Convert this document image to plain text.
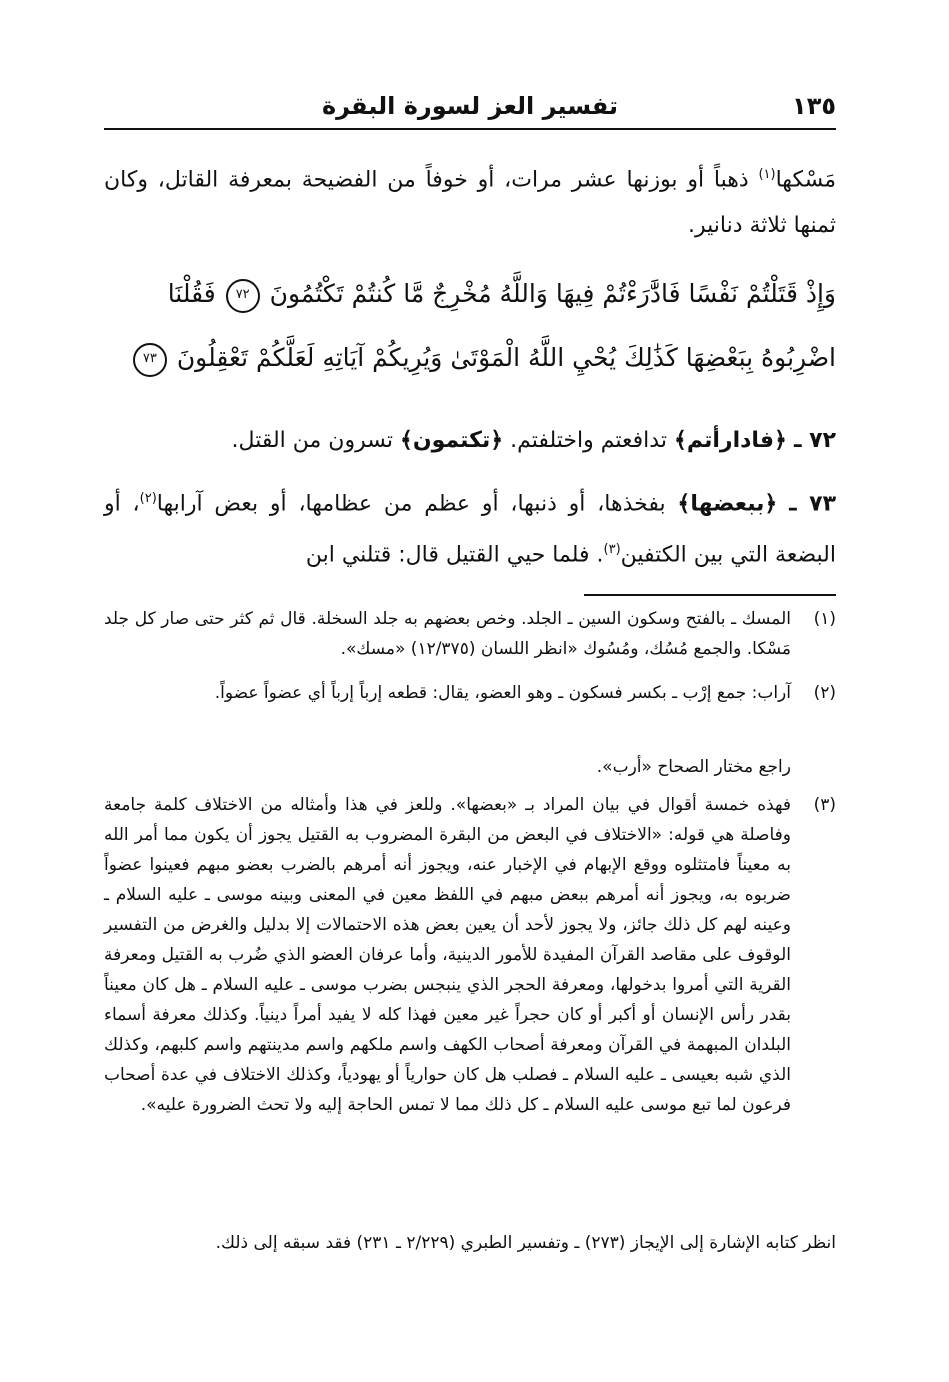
١٣٥
تفسير العز لسورة البقرة
مَسْكها$^{(١)}$ ذهباً أو بوزنها عشر مرات، أو خوفاً من الفضيحة بمعرفة القاتل، وكان ثمنها ثلاثة دنانير.
وَإِذْ قَتَلْتُمْ نَفْسًا فَادَّٰرَءْتُمْ فِيهَا وَاللَّهُ مُخْرِجٌ مَّا كُنتُمْ تَكْتُمُونَ ٧٢ فَقُلْنَا اضْرِبُوهُ بِبَعْضِهَا كَذَٰلِكَ يُحْيِ اللَّهُ الْمَوْتَىٰ وَيُرِيكُمْ آيَاتِهِ لَعَلَّكُمْ تَعْقِلُونَ ٧٣
٧٢ ـ ﴿فادارأتم﴾ تدافعتم واختلفتم. ﴿تكتمون﴾ تسرون من القتل.
٧٣ ـ ﴿ببعضها﴾ بفخذها، أو ذنبها، أو عظم من عظامها، أو بعض آرابها$^{(٢)}$، أو البضعة التي بين الكتفين$^{(٣)}$. فلما حيي القتيل قال: قتلني ابن
(١)
المسك ـ بالفتح وسكون السين ـ الجلد. وخص بعضهم به جلد السخلة. قال ثم كثر حتى صار كل جلد مَسْكا. والجمع مُسُك، ومُسُوك «انظر اللسان (١٢/٣٧٥) «مسك».
(٢)
آراب: جمع إرْب ـ بكسر فسكون ـ وهو العضو، يقال: قطعه إرباً إرباً أي عضواً عضواً.
راجع مختار الصحاح «أرب».
(٣)
فهذه خمسة أقوال في بيان المراد بـ «بعضها». وللعز في هذا وأمثاله من الاختلاف كلمة جامعة وفاصلة هي قوله: «الاختلاف في البعض من البقرة المضروب به القتيل يجوز أن يكون مما أمر الله به معيناً فامتثلوه ووقع الإبهام في الإخبار عنه، ويجوز أنه أمرهم بالضرب بعضو مبهم فعينوا عضواً ضربوه به، ويجوز أنه أمرهم ببعض مبهم في اللفظ معين في المعنى وبينه موسى ـ عليه السلام ـ وعينه لهم كل ذلك جائز، ولا يجوز لأحد أن يعين بعض هذه الاحتمالات إلا بدليل والغرض من التفسير الوقوف على مقاصد القرآن المفيدة للأمور الدينية، وأما عرفان العضو الذي ضُرب به القتيل ومعرفة القرية التي أمروا بدخولها، ومعرفة الحجر الذي ينبجس بضرب موسى ـ عليه السلام ـ هل كان معيناً بقدر رأس الإنسان أو أكبر أو كان حجراً غير معين فهذا كله لا يفيد أمراً دينياً. وكذلك معرفة أسماء البلدان المبهمة في القرآن ومعرفة أصحاب الكهف واسم ملكهم واسم مدينتهم واسم كلبهم، وكذلك الذي شبه بعيسى ـ عليه السلام ـ فصلب هل كان حوارياً أو يهودياً، وكذلك الاختلاف في عدة أصحاب فرعون لما تبع موسى عليه السلام ـ كل ذلك مما لا تمس الحاجة إليه ولا تحث الضرورة عليه».
انظر كتابه الإشارة إلى الإيجاز (٢٧٣) ـ وتفسير الطبري (٢/٢٢٩ ـ ٢٣١) فقد سبقه إلى ذلك.
